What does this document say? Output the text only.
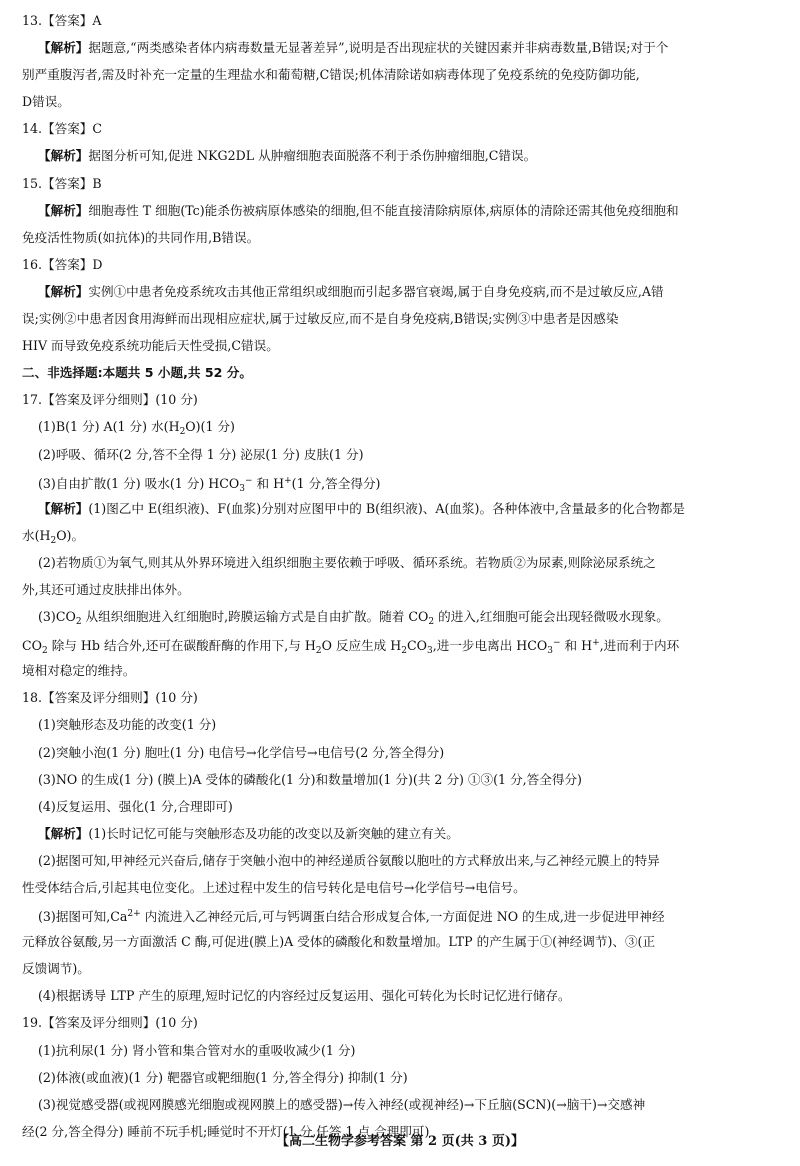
13.【答案】A
【解析】据题意,“两类感染者体内病毒数量无显著差异”,说明是否出现症状的关键因素并非病毒数量,B错误;对于个
别严重腹泻者,需及时补充一定量的生理盐水和葡萄糖,C错误;机体清除诺如病毒体现了免疫系统的免疫防御功能,
D错误。
14.【答案】C
【解析】据图分析可知,促进 NKG2DL 从肿瘤细胞表面脱落不利于杀伤肿瘤细胞,C错误。
15.【答案】B
【解析】细胞毒性 T 细胞(Tc)能杀伤被病原体感染的细胞,但不能直接清除病原体,病原体的清除还需其他免疫细胞和
免疫活性物质(如抗体)的共同作用,B错误。
16.【答案】D
【解析】实例①中患者免疫系统攻击其他正常组织或细胞而引起多器官衰竭,属于自身免疫病,而不是过敏反应,A错
误;实例②中患者因食用海鲜而出现相应症状,属于过敏反应,而不是自身免疫病,B错误;实例③中患者是因感染
HIV 而导致免疫系统功能后天性受损,C错误。
二、非选择题:本题共 5 小题,共 52 分。
17.【答案及评分细则】(10 分)
(1)B(1 分) A(1 分) 水$(H_2O)(1$ 分)
(2)呼吸、循环(2 分,答不全得 1 分) 泌尿(1 分) 皮肤(1 分)
(3)自由扩散(1 分) 吸水(1 分) $HCO_3^-$ 和 H+(1 分,答全得分)
【解析】(1)图乙中 E(组织液)、F(血浆)分别对应图甲中的 B(组织液)、A(血浆)。各种体液中,含量最多的化合物都是
水$(H_2O)$。
(2)若物质①为氧气,则其从外界环境进入组织细胞主要依赖于呼吸、循环系统。若物质②为尿素,则除泌尿系统之
外,其还可通过皮肤排出体外。
$(3)CO_2$ 从组织细胞进入红细胞时,跨膜运输方式是自由扩散。随着 $CO_2$ 的进入,红细胞可能会出现轻微吸水现象。
$CO_2$ 除与 Hb 结合外,还可在碳酸酐酶的作用下,与 $H_2O$ 反应生成 $H_2CO_3$,进一步电离出 $HCO_3^-$ 和 H+,进而利于内环
境相对稳定的维持。
18.【答案及评分细则】(10 分)
(1)突触形态及功能的改变(1 分)
(2)突触小泡(1 分) 胞吐(1 分) 电信号→化学信号→电信号(2 分,答全得分)
(3)NO 的生成(1 分) (膜上)A 受体的磷酸化(1 分)和数量增加(1 分)(共 2 分) ①③(1 分,答全得分)
(4)反复运用、强化(1 分,合理即可)
【解析】(1)长时记忆可能与突触形态及功能的改变以及新突触的建立有关。
(2)据图可知,甲神经元兴奋后,储存于突触小泡中的神经递质谷氨酸以胞吐的方式释放出来,与乙神经元膜上的特异
性受体结合后,引起其电位变化。上述过程中发生的信号转化是电信号→化学信号→电信号。
(3)据图可知$,Ca^{2+}$ 内流进入乙神经元后,可与钙调蛋白结合形成复合体,一方面促进 NO 的生成,进一步促进甲神经
元释放谷氨酸,另一方面激活 C 酶,可促进(膜上)A 受体的磷酸化和数量增加。LTP 的产生属于①(神经调节)、③(正
反馈调节)。
(4)根据诱导 LTP 产生的原理,短时记忆的内容经过反复运用、强化可转化为长时记忆进行储存。
19.【答案及评分细则】(10 分)
(1)抗利尿(1 分) 肾小管和集合管对水的重吸收减少(1 分)
(2)体液(或血液)(1 分) 靶器官或靶细胞(1 分,答全得分) 抑制(1 分)
(3)视觉感受器(或视网膜感光细胞或视网膜上的感受器)→传入神经(或视神经)→下丘脑(SCN)(→脑干)→交感神
经(2 分,答全得分) 睡前不玩手机;睡觉时不开灯(1 分,任答 1 点,合理即可)
【高二生物学参考答案 第 2 页(共 3 页)】
